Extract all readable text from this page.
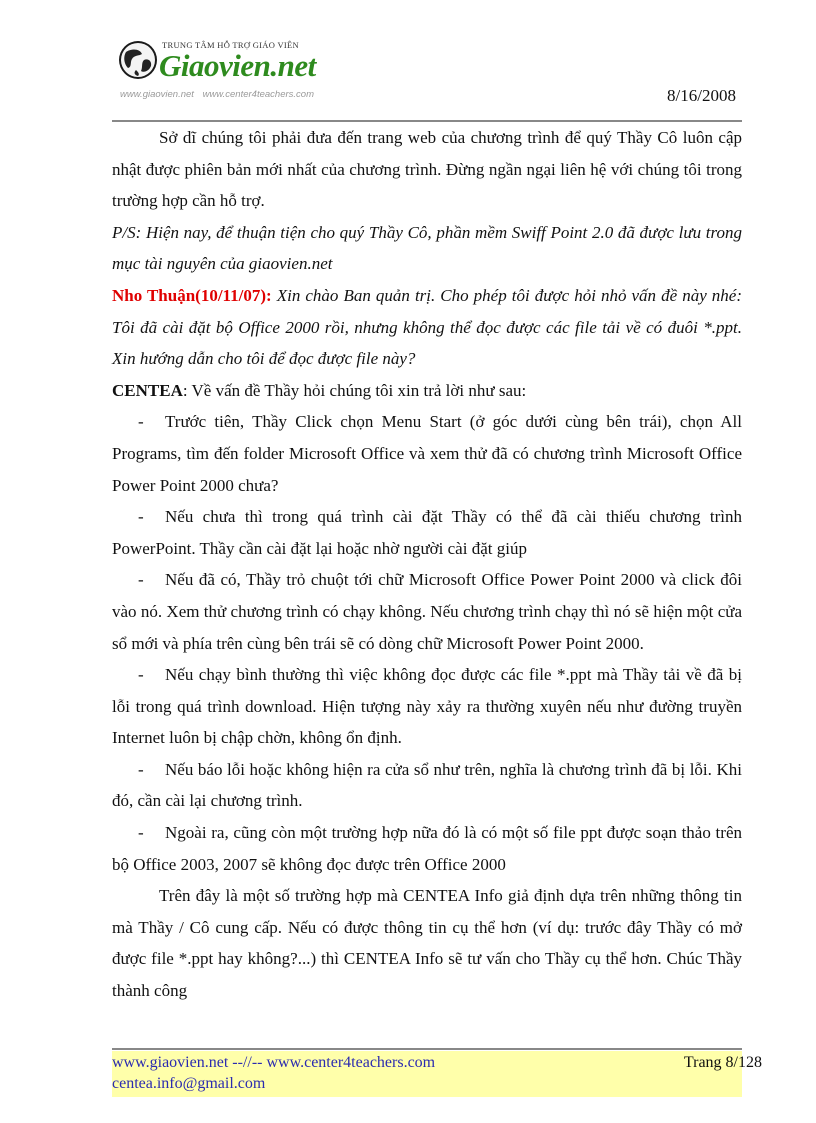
TRUNG TÂM HỖ TRỢ GIÁO VIÊN
Giaovien.net
www.giaovien.net www.center4teachers.com	8/16/2008

Sở dĩ chúng tôi phải đưa đến trang web của chương trình để quý Thầy Cô luôn cập nhật được phiên bản mới nhất của chương trình. Đừng ngần ngại liên hệ với chúng tôi trong trường hợp cần hỗ trợ.

P/S: Hiện nay, để thuận tiện cho quý Thầy Cô, phần mềm Swiff Point 2.0 đã được lưu trong mục tài nguyên của giaovien.net

Nho Thuận(10/11/07): Xin chào Ban quản trị. Cho phép tôi được hỏi nhỏ vấn đề này nhé: Tôi đã cài đặt bộ Office 2000 rồi, nhưng không thể đọc được các file tải về có đuôi *.ppt. Xin hướng dẫn cho tôi để đọc được file này?

CENTEA: Về vấn đề Thầy hỏi chúng tôi xin trả lời như sau:

- Trước tiên, Thầy Click chọn Menu Start (ở góc dưới cùng bên trái), chọn All Programs, tìm đến folder Microsoft Office và xem thử đã có chương trình Microsoft Office Power Point 2000 chưa?

- Nếu chưa thì trong quá trình cài đặt Thầy có thể đã cài thiếu chương trình PowerPoint. Thầy cần cài đặt lại hoặc nhờ người cài đặt giúp

- Nếu đã có, Thầy trỏ chuột tới chữ Microsoft Office Power Point 2000 và click đôi vào nó. Xem thử chương trình có chạy không. Nếu chương trình chạy thì nó sẽ hiện một cửa sổ mới và phía trên cùng bên trái sẽ có dòng chữ Microsoft Power Point 2000.

- Nếu chạy bình thường thì việc không đọc được các file *.ppt mà Thầy tải về đã bị lỗi trong quá trình download. Hiện tượng này xảy ra thường xuyên nếu như đường truyền Internet luôn bị chập chờn, không ổn định.

- Nếu báo lỗi hoặc không hiện ra cửa sổ như trên, nghĩa là chương trình đã bị lỗi. Khi đó, cần cài lại chương trình.

- Ngoài ra, cũng còn một trường hợp nữa đó là có một số file ppt được soạn thảo trên bộ Office 2003, 2007 sẽ không đọc được trên Office 2000

Trên đây là một số trường hợp mà CENTEA Info giả định dựa trên những thông tin mà Thầy / Cô cung cấp. Nếu có được thông tin cụ thể hơn (ví dụ: trước đây Thầy có mở được file *.ppt hay không?...) thì CENTEA Info sẽ tư vấn cho Thầy cụ thể hơn. Chúc Thầy thành công

www.giaovien.net --//-- www.center4teachers.com
centea.info@gmail.com
Trang 8/128
